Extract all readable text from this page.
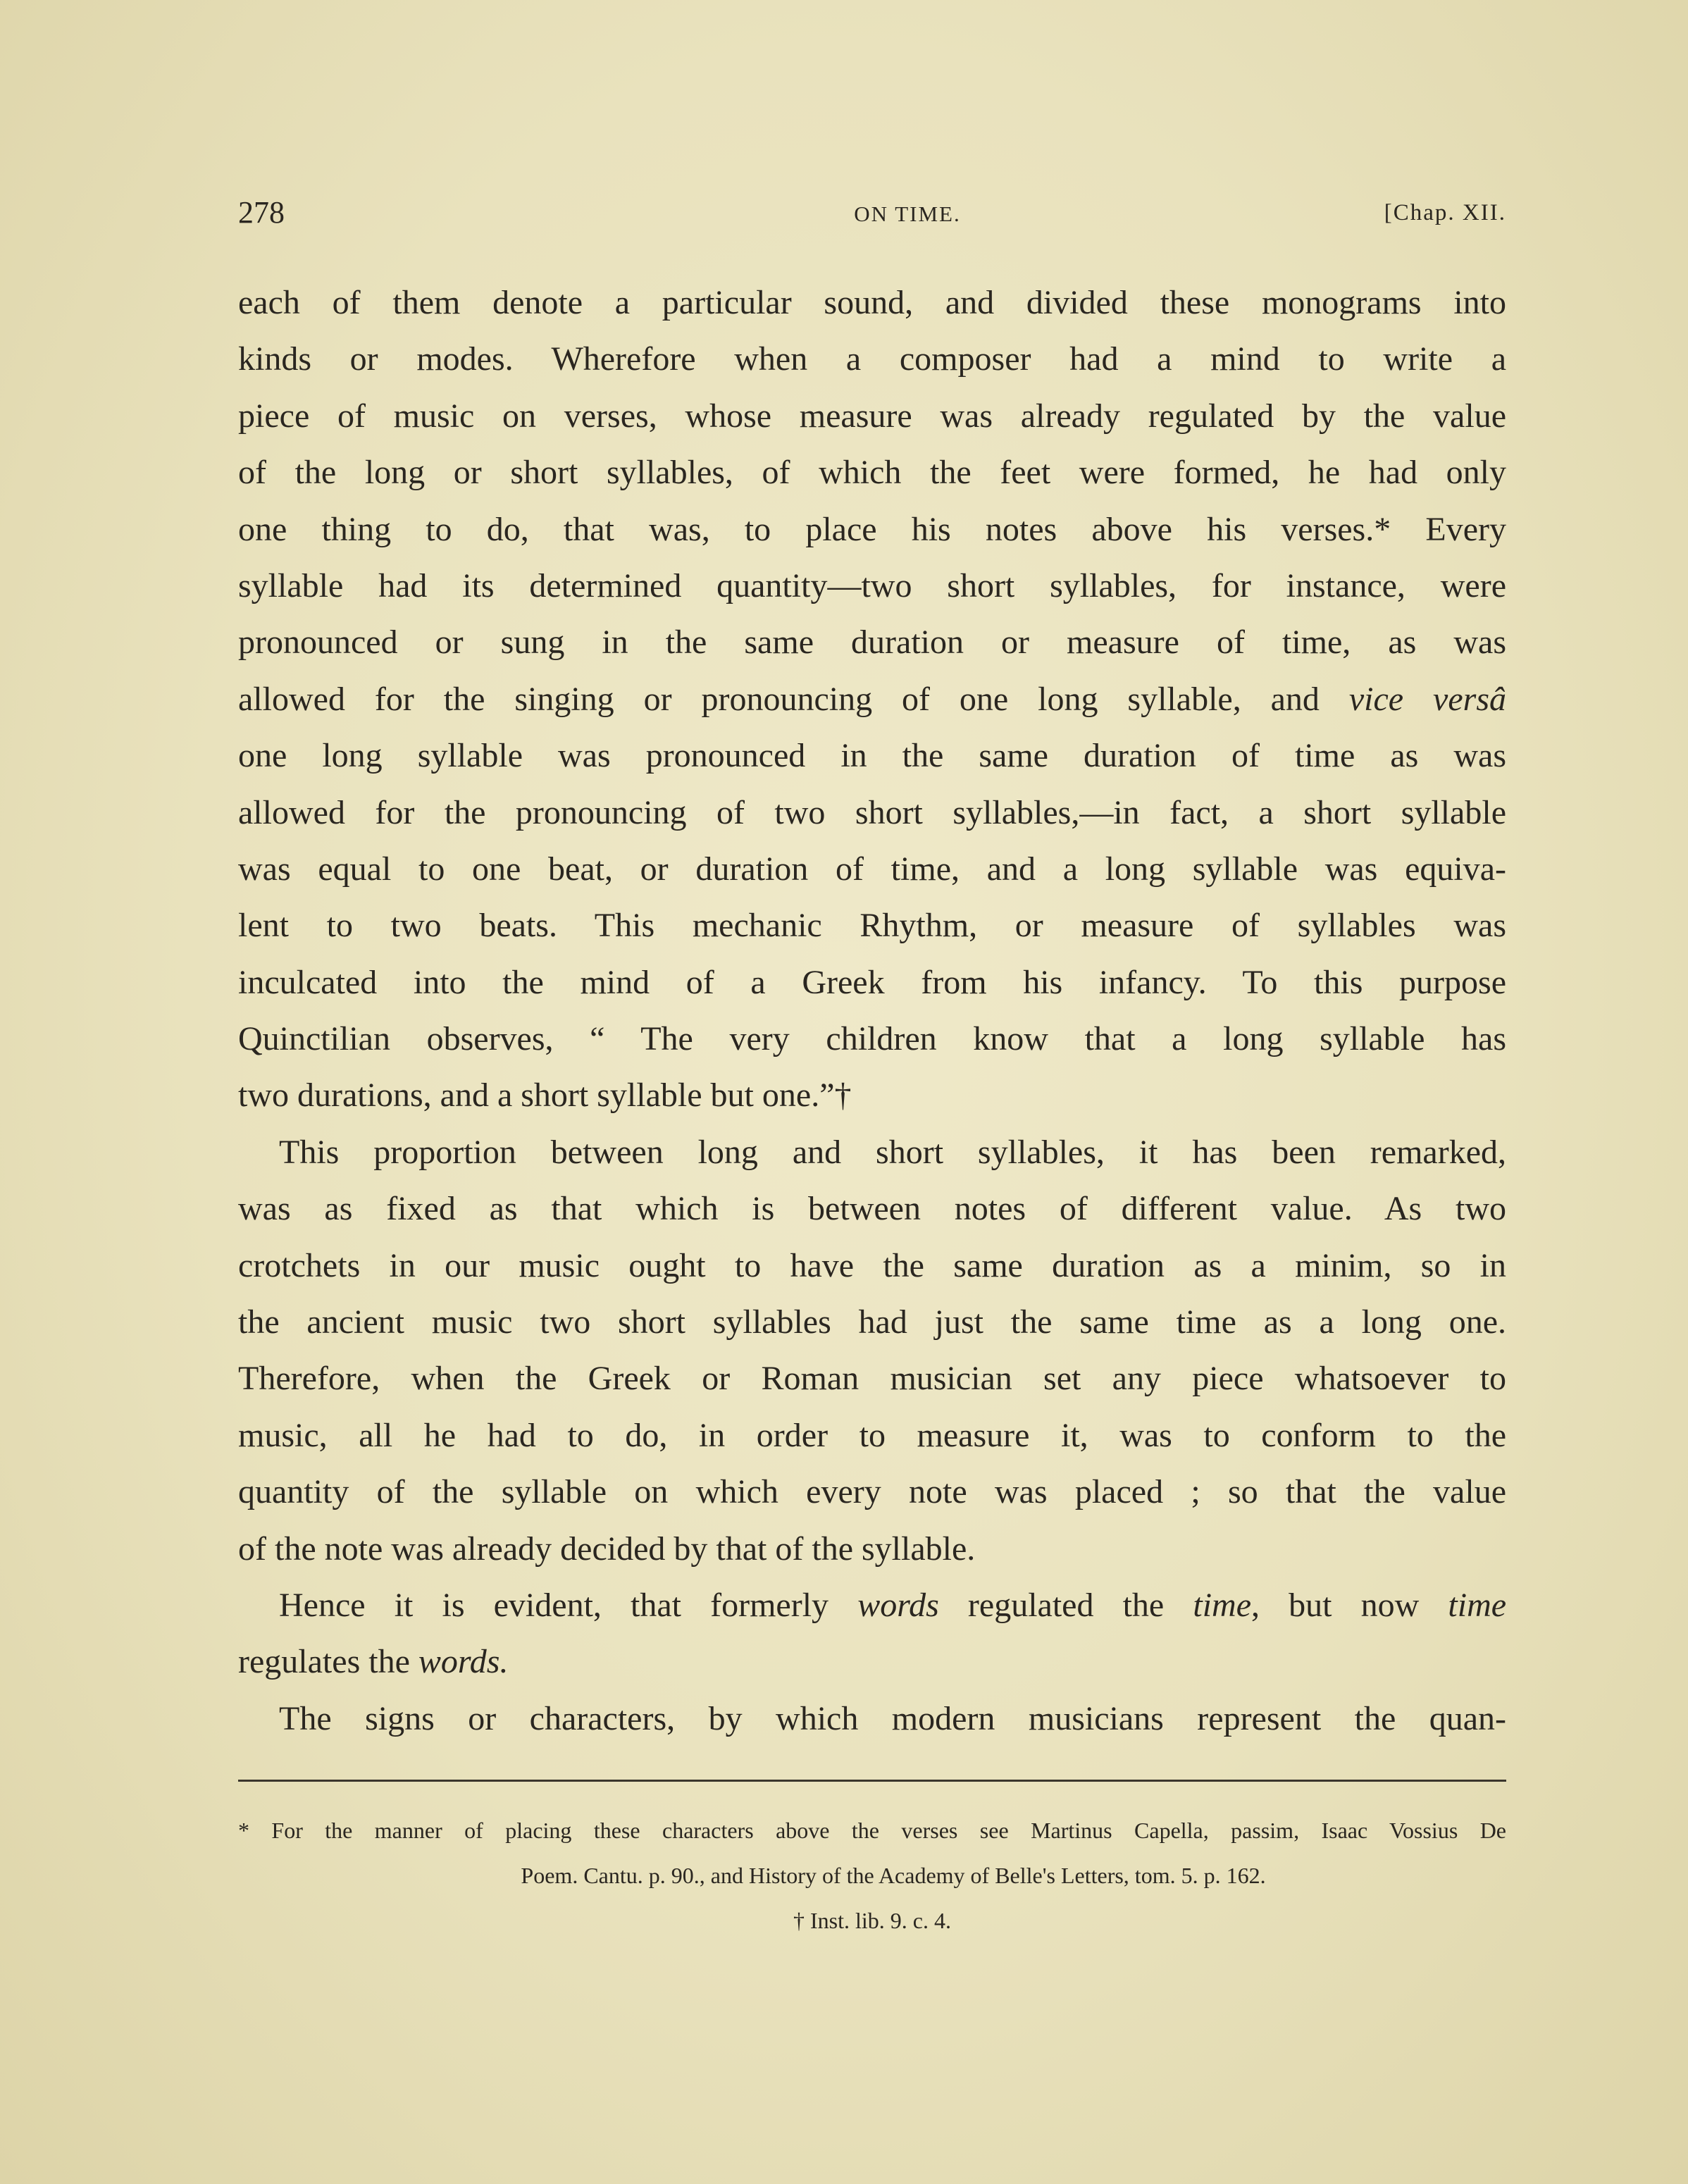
278	ON TIME.	[Chap. XII.
each of them denote a particular sound, and divided these monograms into
kinds or modes. Wherefore when a composer had a mind to write a
piece of music on verses, whose measure was already regulated by the value
of the long or short syllables, of which the feet were formed, he had only
one thing to do, that was, to place his notes above his verses.* Every
syllable had its determined quantity—two short syllables, for instance, were
pronounced or sung in the same duration or measure of time, as was
allowed for the singing or pronouncing of one long syllable, and vice versâ
one long syllable was pronounced in the same duration of time as was
allowed for the pronouncing of two short syllables,—in fact, a short syllable
was equal to one beat, or duration of time, and a long syllable was equiva-
lent to two beats. This mechanic Rhythm, or measure of syllables was
inculcated into the mind of a Greek from his infancy. To this purpose
Quinctilian observes, “ The very children know that a long syllable has
two durations, and a short syllable but one.”†
This proportion between long and short syllables, it has been remarked,
was as fixed as that which is between notes of different value. As two
crotchets in our music ought to have the same duration as a minim, so in
the ancient music two short syllables had just the same time as a long one.
Therefore, when the Greek or Roman musician set any piece whatsoever to
music, all he had to do, in order to measure it, was to conform to the
quantity of the syllable on which every note was placed ; so that the value
of the note was already decided by that of the syllable.
Hence it is evident, that formerly words regulated the time, but now time
regulates the words.
The signs or characters, by which modern musicians represent the quan-
* For the manner of placing these characters above the verses see Martinus Capella, passim, Isaac Vossius De
Poem. Cantu. p. 90., and History of the Academy of Belle's Letters, tom. 5. p. 162.
† Inst. lib. 9. c. 4.
